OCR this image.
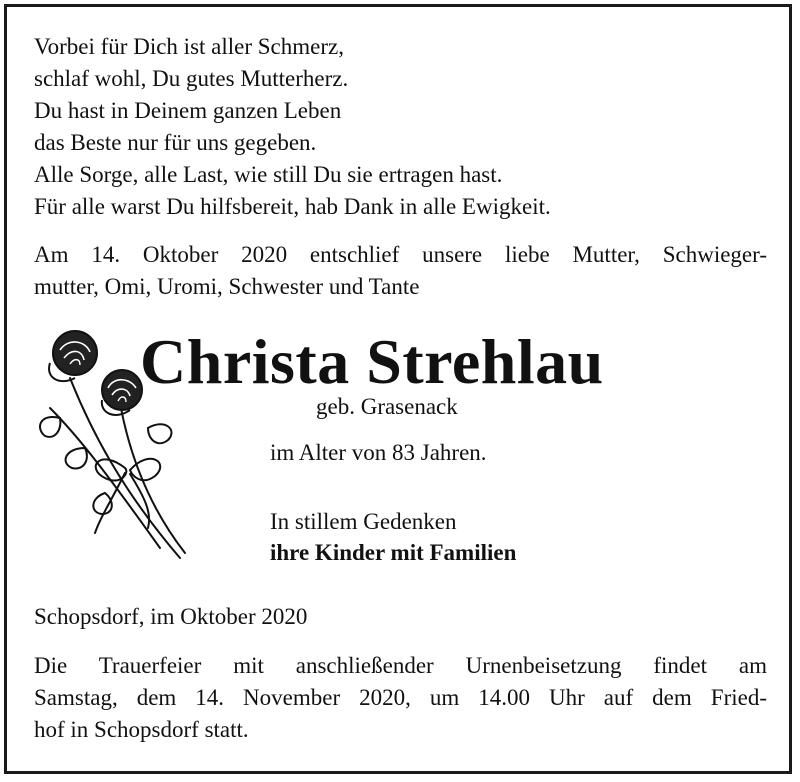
Vorbei für Dich ist aller Schmerz,
schlaf wohl, Du gutes Mutterherz.
Du hast in Deinem ganzen Leben
das Beste nur für uns gegeben.
Alle Sorge, alle Last, wie still Du sie ertragen hast.
Für alle warst Du hilfsbereit, hab Dank in alle Ewigkeit.
Am 14. Oktober 2020 entschlief unsere liebe Mutter, Schwieger-
mutter, Omi, Uromi, Schwester und Tante
Christa Strehlau
geb. Grasenack
im Alter von 83 Jahren.
In stillem Gedenken
ihre Kinder mit Familien
Schopsdorf, im Oktober 2020
Die Trauerfeier mit anschließender Urnenbeisetzung findet am
Samstag, dem 14. November 2020, um 14.00 Uhr auf dem Fried-
hof in Schopsdorf statt.
